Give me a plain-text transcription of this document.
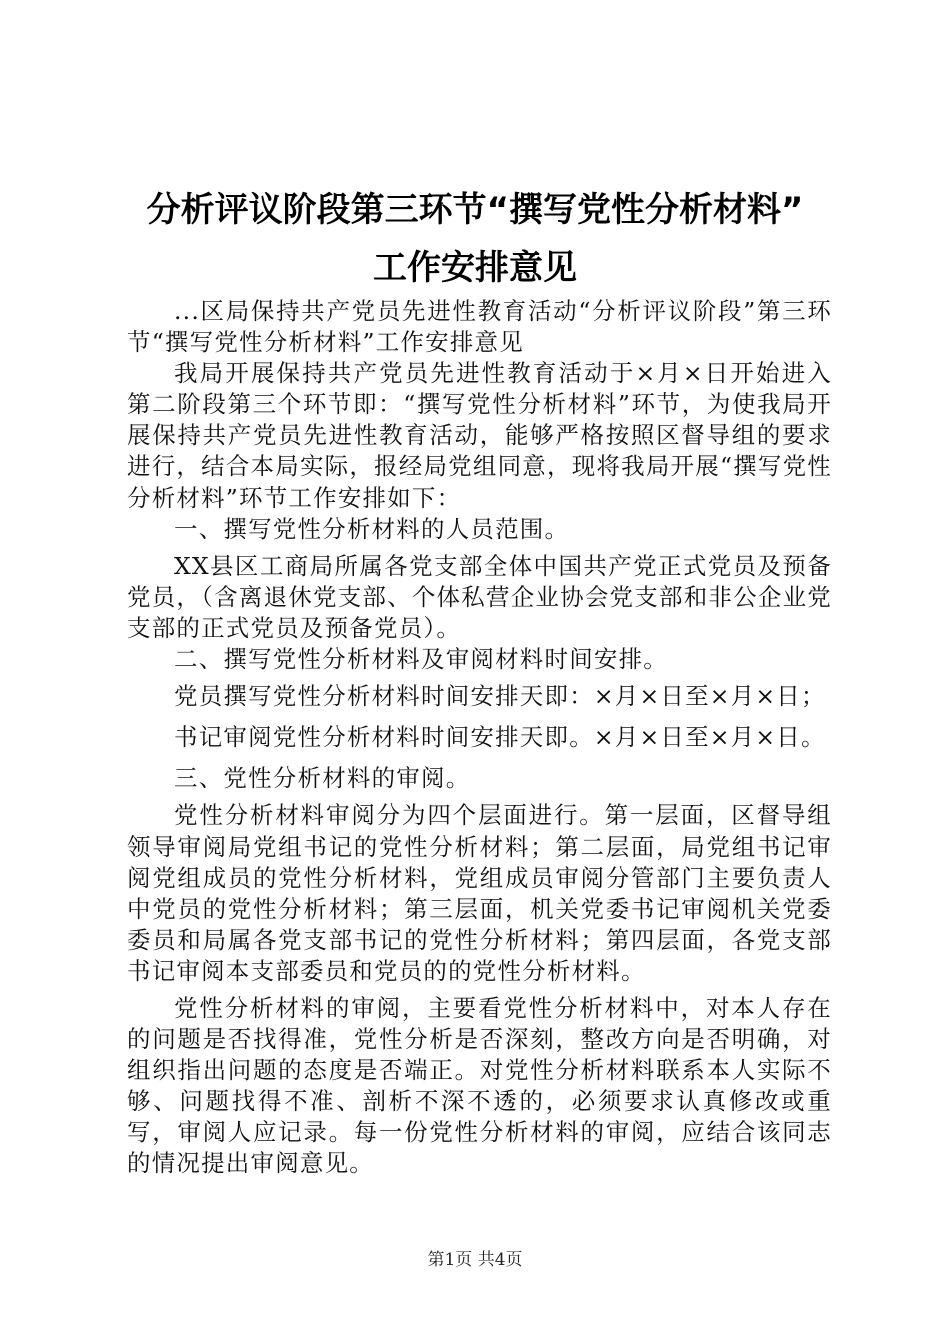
分析评议阶段第三环节“撰写党性分析材料”
工作安排意见

...区局保持共产党员先进性教育活动“分析评议阶段”第三环节“撰写党性分析材料”工作安排意见

我局开展保持共产党员先进性教育活动于×月×日开始进入第二阶段第三个环节即：“撰写党性分析材料”环节，为使我局开展保持共产党员先进性教育活动，能够严格按照区督导组的要求进行，结合本局实际，报经局党组同意，现将我局开展“撰写党性分析材料”环节工作安排如下：

一、撰写党性分析材料的人员范围。

XX县区工商局所属各党支部全体中国共产党正式党员及预备党员，（含离退休党支部、个体私营企业协会党支部和非公企业党支部的正式党员及预备党员）。

二、撰写党性分析材料及审阅材料时间安排。

党员撰写党性分析材料时间安排天即：×月×日至×月×日；

书记审阅党性分析材料时间安排天即。×月×日至×月×日。

三、党性分析材料的审阅。

党性分析材料审阅分为四个层面进行。第一层面，区督导组领导审阅局党组书记的党性分析材料；第二层面，局党组书记审阅党组成员的党性分析材料，党组成员审阅分管部门主要负责人中党员的党性分析材料；第三层面，机关党委书记审阅机关党委委员和局属各党支部书记的党性分析材料；第四层面，各党支部书记审阅本支部委员和党员的的党性分析材料。

党性分析材料的审阅，主要看党性分析材料中，对本人存在的问题是否找得准，党性分析是否深刻，整改方向是否明确，对组织指出问题的态度是否端正。对党性分析材料联系本人实际不够、问题找得不准、剖析不深不透的，必须要求认真修改或重写，审阅人应记录。每一份党性分析材料的审阅，应结合该同志的情况提出审阅意见。

第1页 共4页
